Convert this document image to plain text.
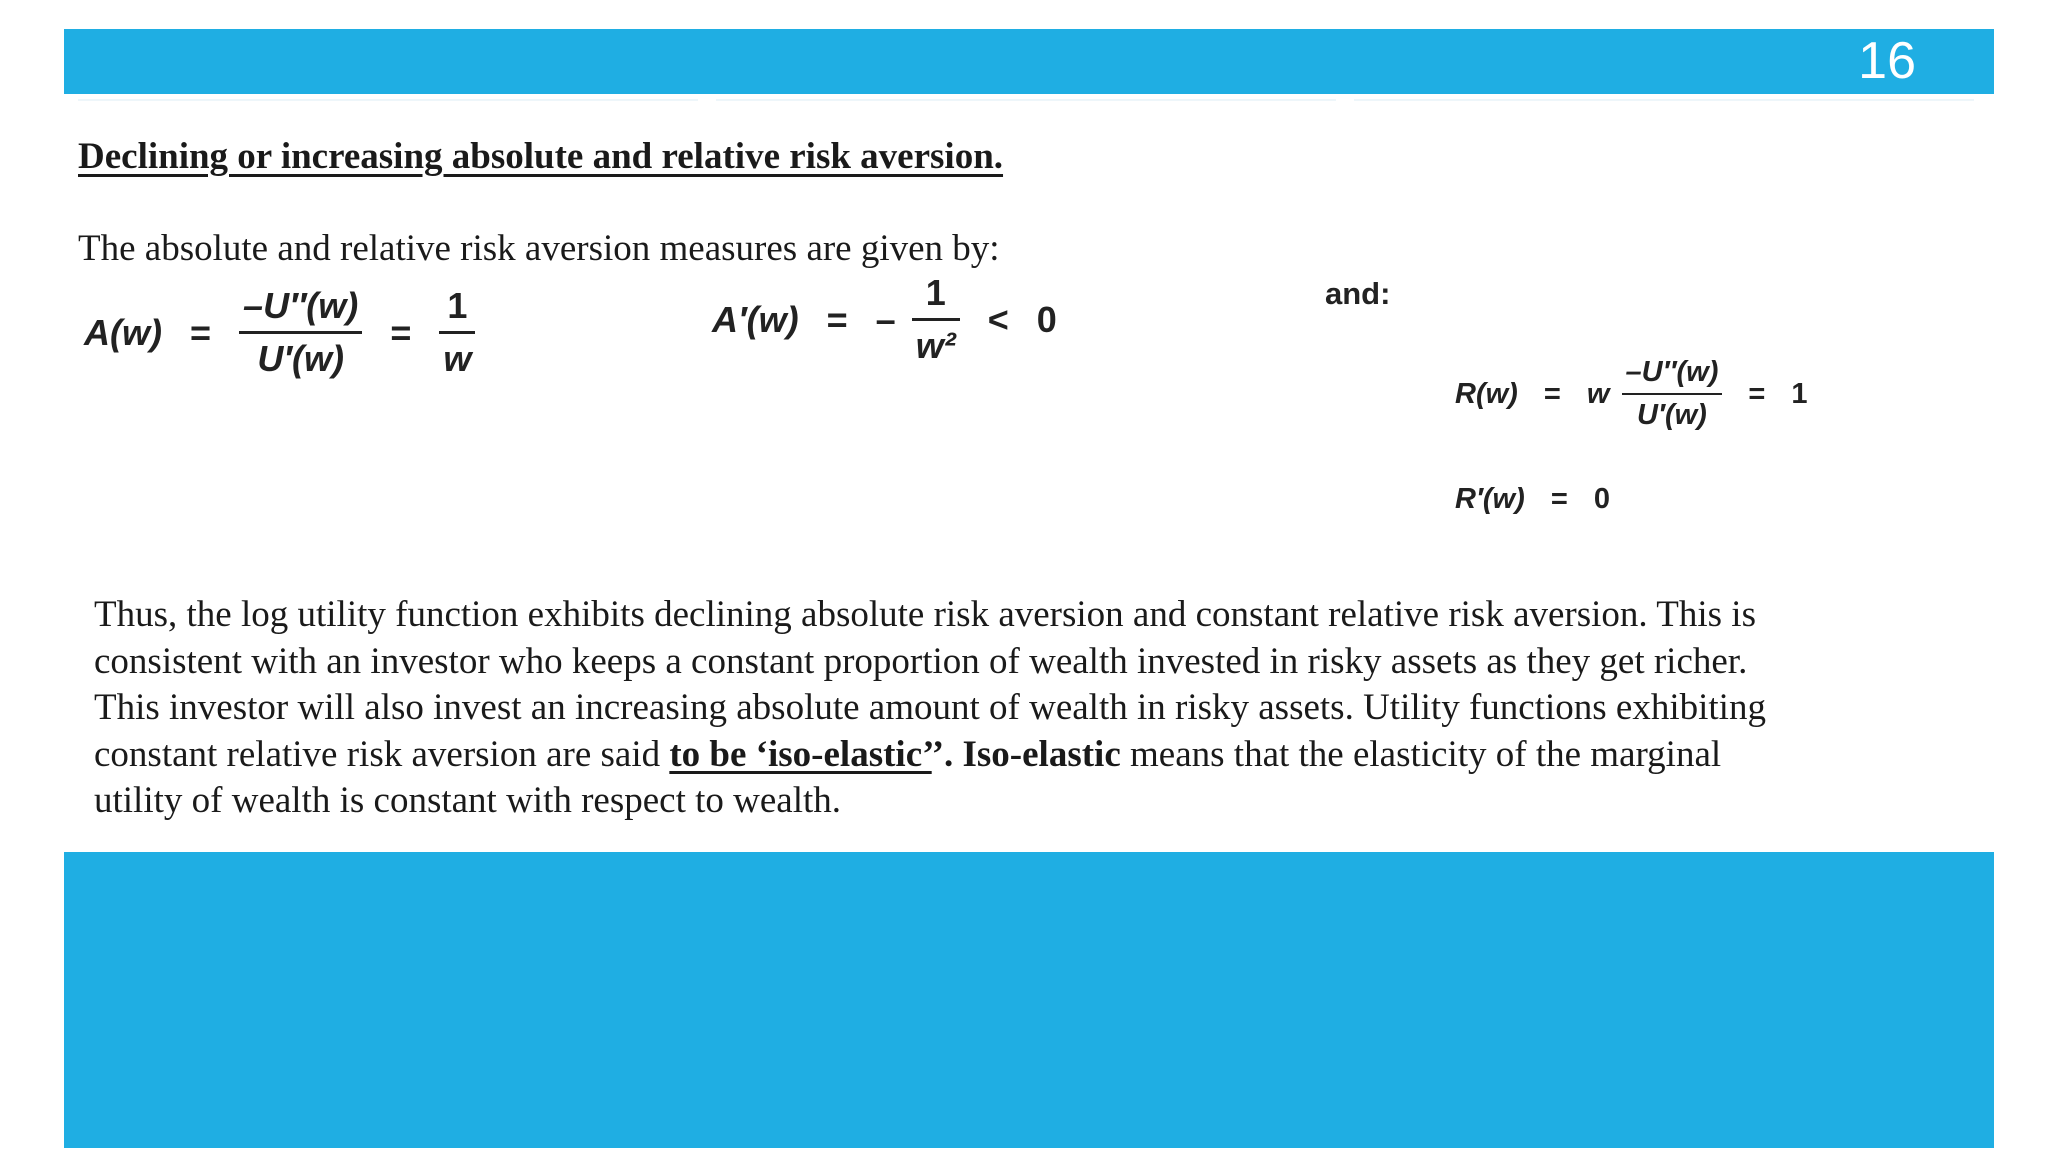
16
Declining or increasing absolute and relative risk aversion.
The absolute and relative risk aversion measures are given by:
$A(w) = \frac{-U''(w)}{U'(w)} = \frac{1}{w}$	A′(w) = – $\frac{1}{\text{w²}} < 0$
and:
R(w) = w $\frac{-U''(w)}{U'(w)} = 1$
R′(w) = 0
Thus, the log utility function exhibits declining absolute risk aversion and constant relative risk aversion. This is
consistent with an investor who keeps a constant proportion of wealth invested in risky assets as they get richer.
This investor will also invest an increasing absolute amount of wealth in risky assets. Utility functions exhibiting
constant relative risk aversion are said to be ‘iso-elastic’’. Iso-elastic means that the elasticity of the marginal
utility of wealth is constant with respect to wealth.
